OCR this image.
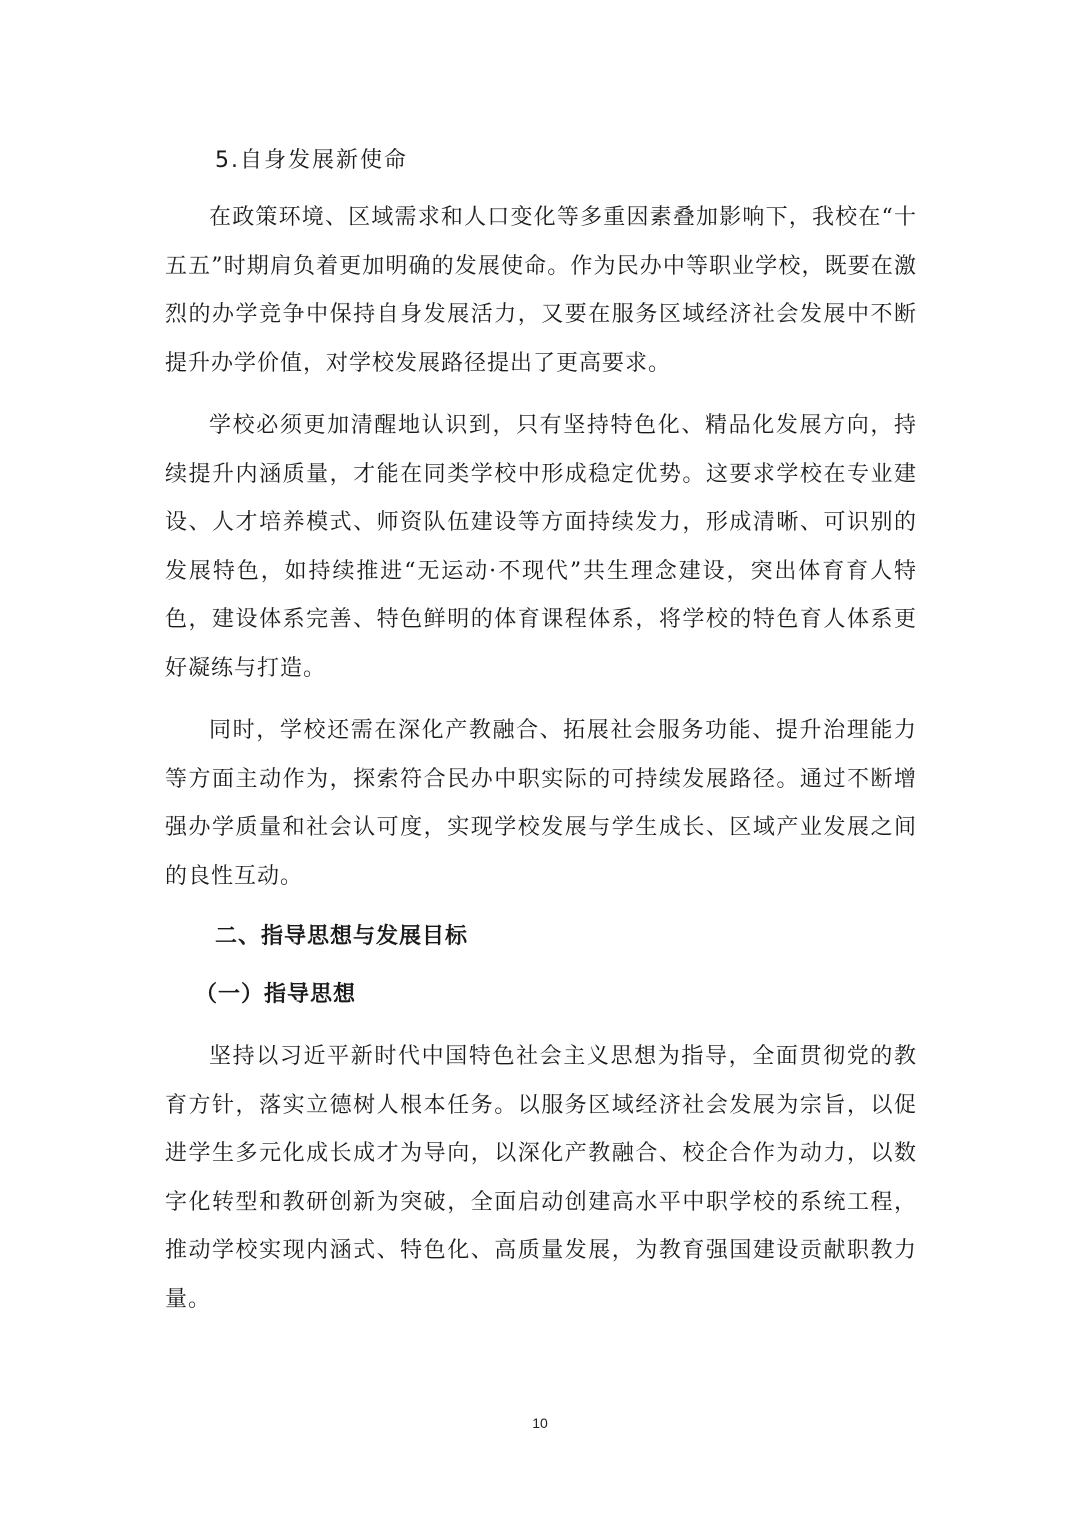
5.自身发展新使命

在政策环境、区域需求和人口变化等多重因素叠加影响下，我校在“十五五”时期肩负着更加明确的发展使命。作为民办中等职业学校，既要在激烈的办学竞争中保持自身发展活力，又要在服务区域经济社会发展中不断提升办学价值，对学校发展路径提出了更高要求。

学校必须更加清醒地认识到，只有坚持特色化、精品化发展方向，持续提升内涵质量，才能在同类学校中形成稳定优势。这要求学校在专业建设、人才培养模式、师资队伍建设等方面持续发力，形成清晰、可识别的发展特色，如持续推进“无运动·不现代”共生理念建设，突出体育育人特色，建设体系完善、特色鲜明的体育课程体系，将学校的特色育人体系更好凝练与打造。

同时，学校还需在深化产教融合、拓展社会服务功能、提升治理能力等方面主动作为，探索符合民办中职实际的可持续发展路径。通过不断增强办学质量和社会认可度，实现学校发展与学生成长、区域产业发展之间的良性互动。

二、指导思想与发展目标
（一）指导思想

坚持以习近平新时代中国特色社会主义思想为指导，全面贯彻党的教育方针，落实立德树人根本任务。以服务区域经济社会发展为宗旨，以促进学生多元化成长成才为导向，以深化产教融合、校企合作为动力，以数字化转型和教研创新为突破，全面启动创建高水平中职学校的系统工程，推动学校实现内涵式、特色化、高质量发展，为教育强国建设贡献职教力量。

10
